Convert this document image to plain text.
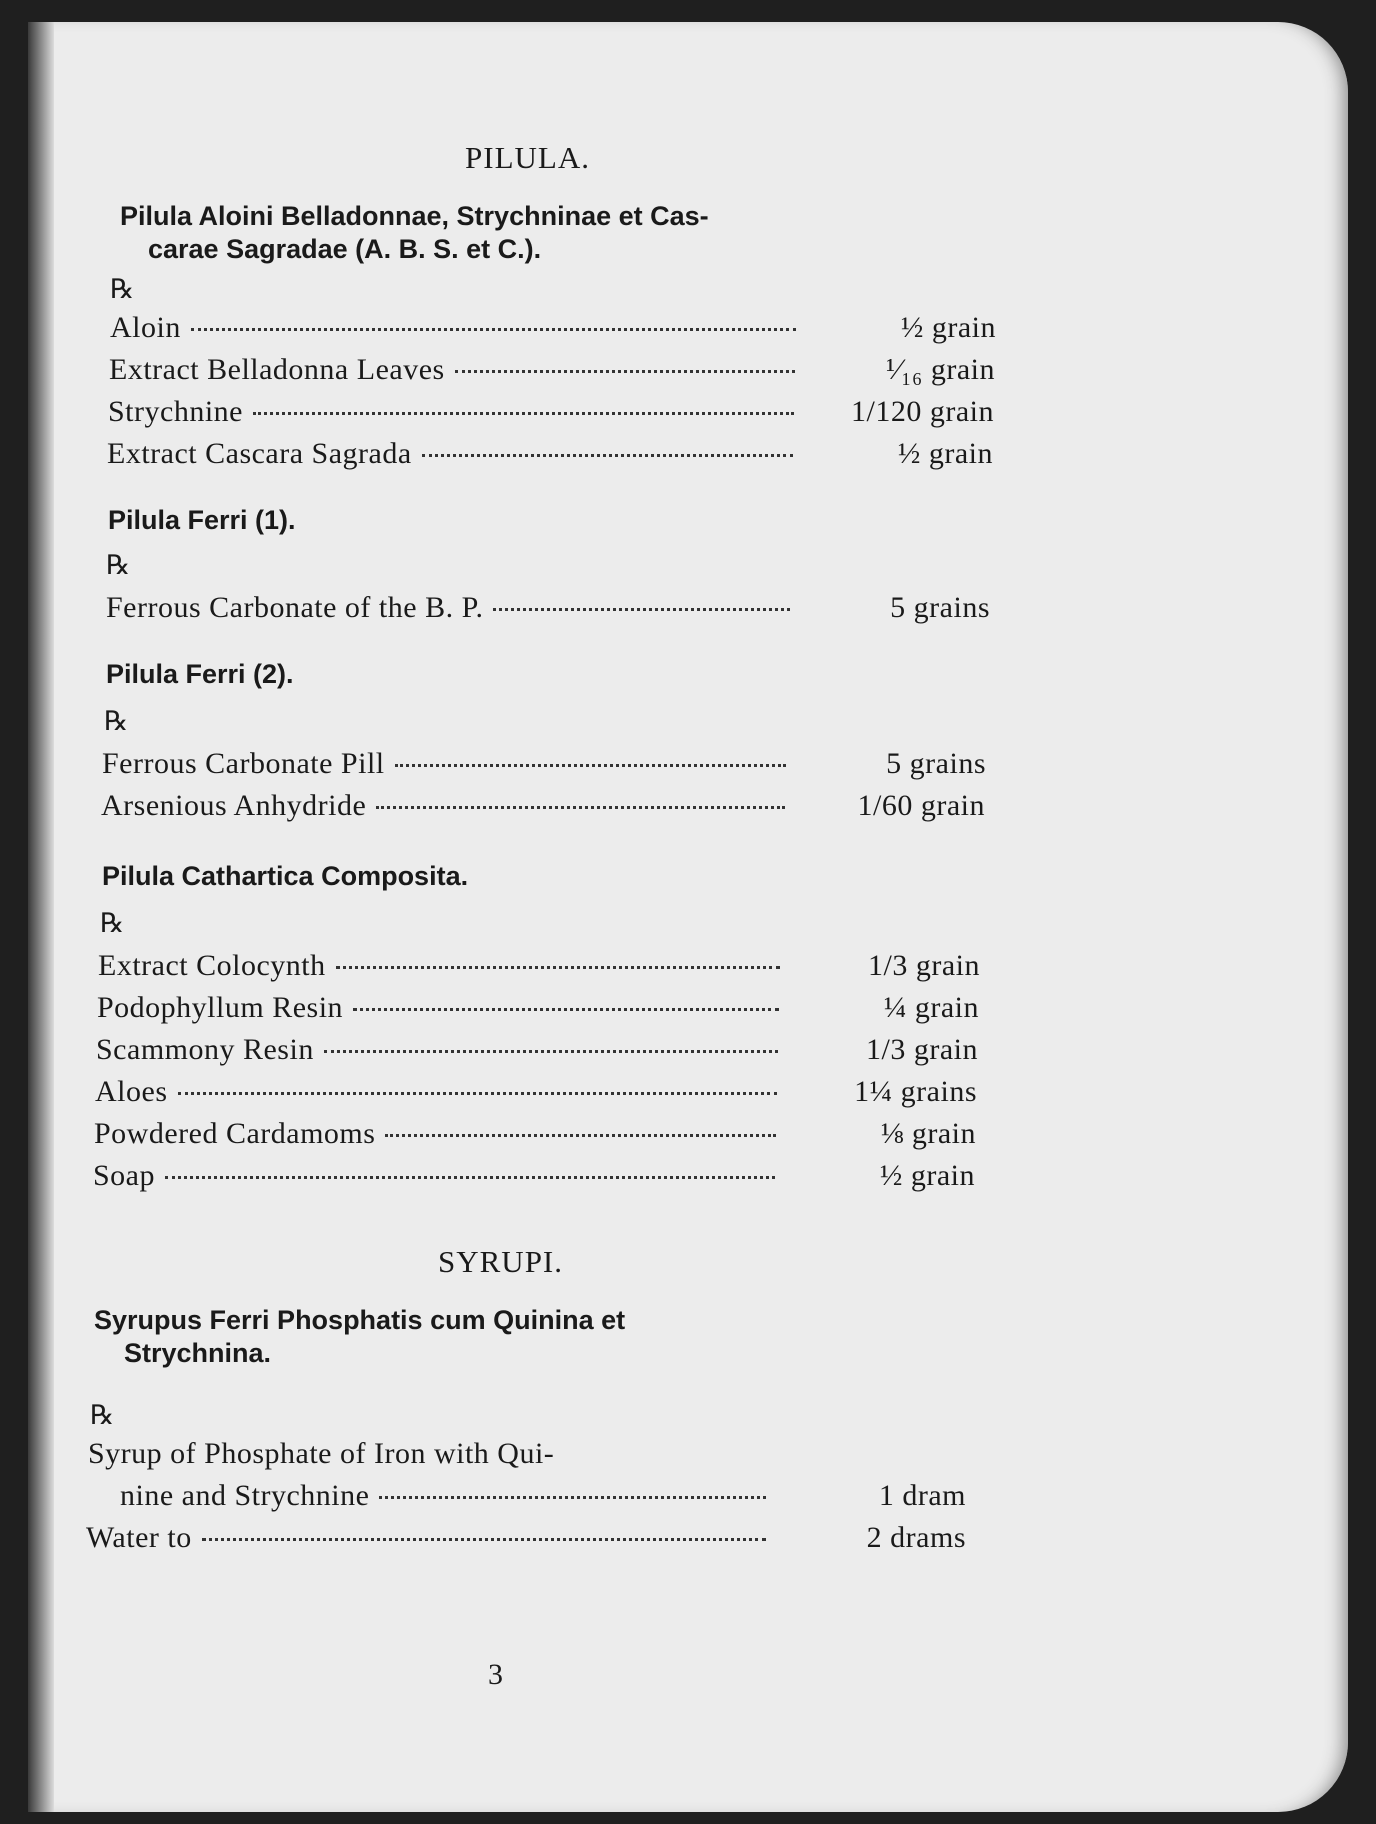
PILULA.
Pilula Aloini Belladonnae, Strychninae et Cas-
carae Sagradae (A. B. S. et C.).
℞
Aloin	½ grain
Extract Belladonna Leaves	¹⁄₁₆ grain
Strychnine	1/120 grain
Extract Cascara Sagrada	½ grain
Pilula Ferri (1).
℞
Ferrous Carbonate of the B. P.	5 grains
Pilula Ferri (2).
℞
Ferrous Carbonate Pill	5 grains
Arsenious Anhydride	1/60 grain
Pilula Cathartica Composita.
℞
Extract Colocynth	1/3 grain
Podophyllum Resin	¼ grain
Scammony Resin	1/3 grain
Aloes	1¼ grains
Powdered Cardamoms	⅛ grain
Soap	½ grain
SYRUPI.
Syrupus Ferri Phosphatis cum Quinina et
Strychnina.
℞
Syrup of Phosphate of Iron with Qui-
nine and Strychnine	1 dram
Water to	2 drams
3
